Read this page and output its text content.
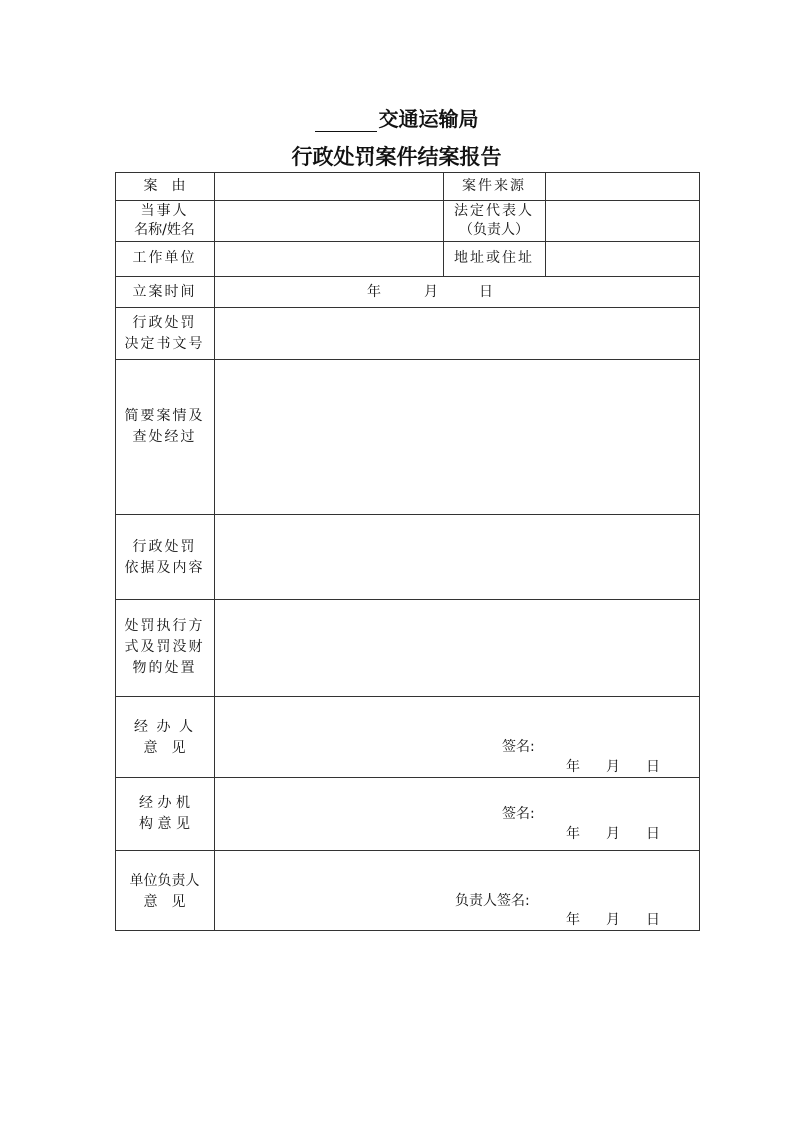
交通运输局
行政处罚案件结案报告
案　由
当事人
名称/姓名
工作单位
立案时间
行政处罚
决定书文号
简要案情及
查处经过
行政处罚
依据及内容
处罚执行方
式及罚没财
物的处置
经 办 人
意　见
经 办 机
构 意 见
单位负责人
意　见
案件来源
法定代表人
（负责人）
地址或住址
年	月	日
签名:
年 月 日
签名:
年 月 日
负责人签名:
年 月 日
